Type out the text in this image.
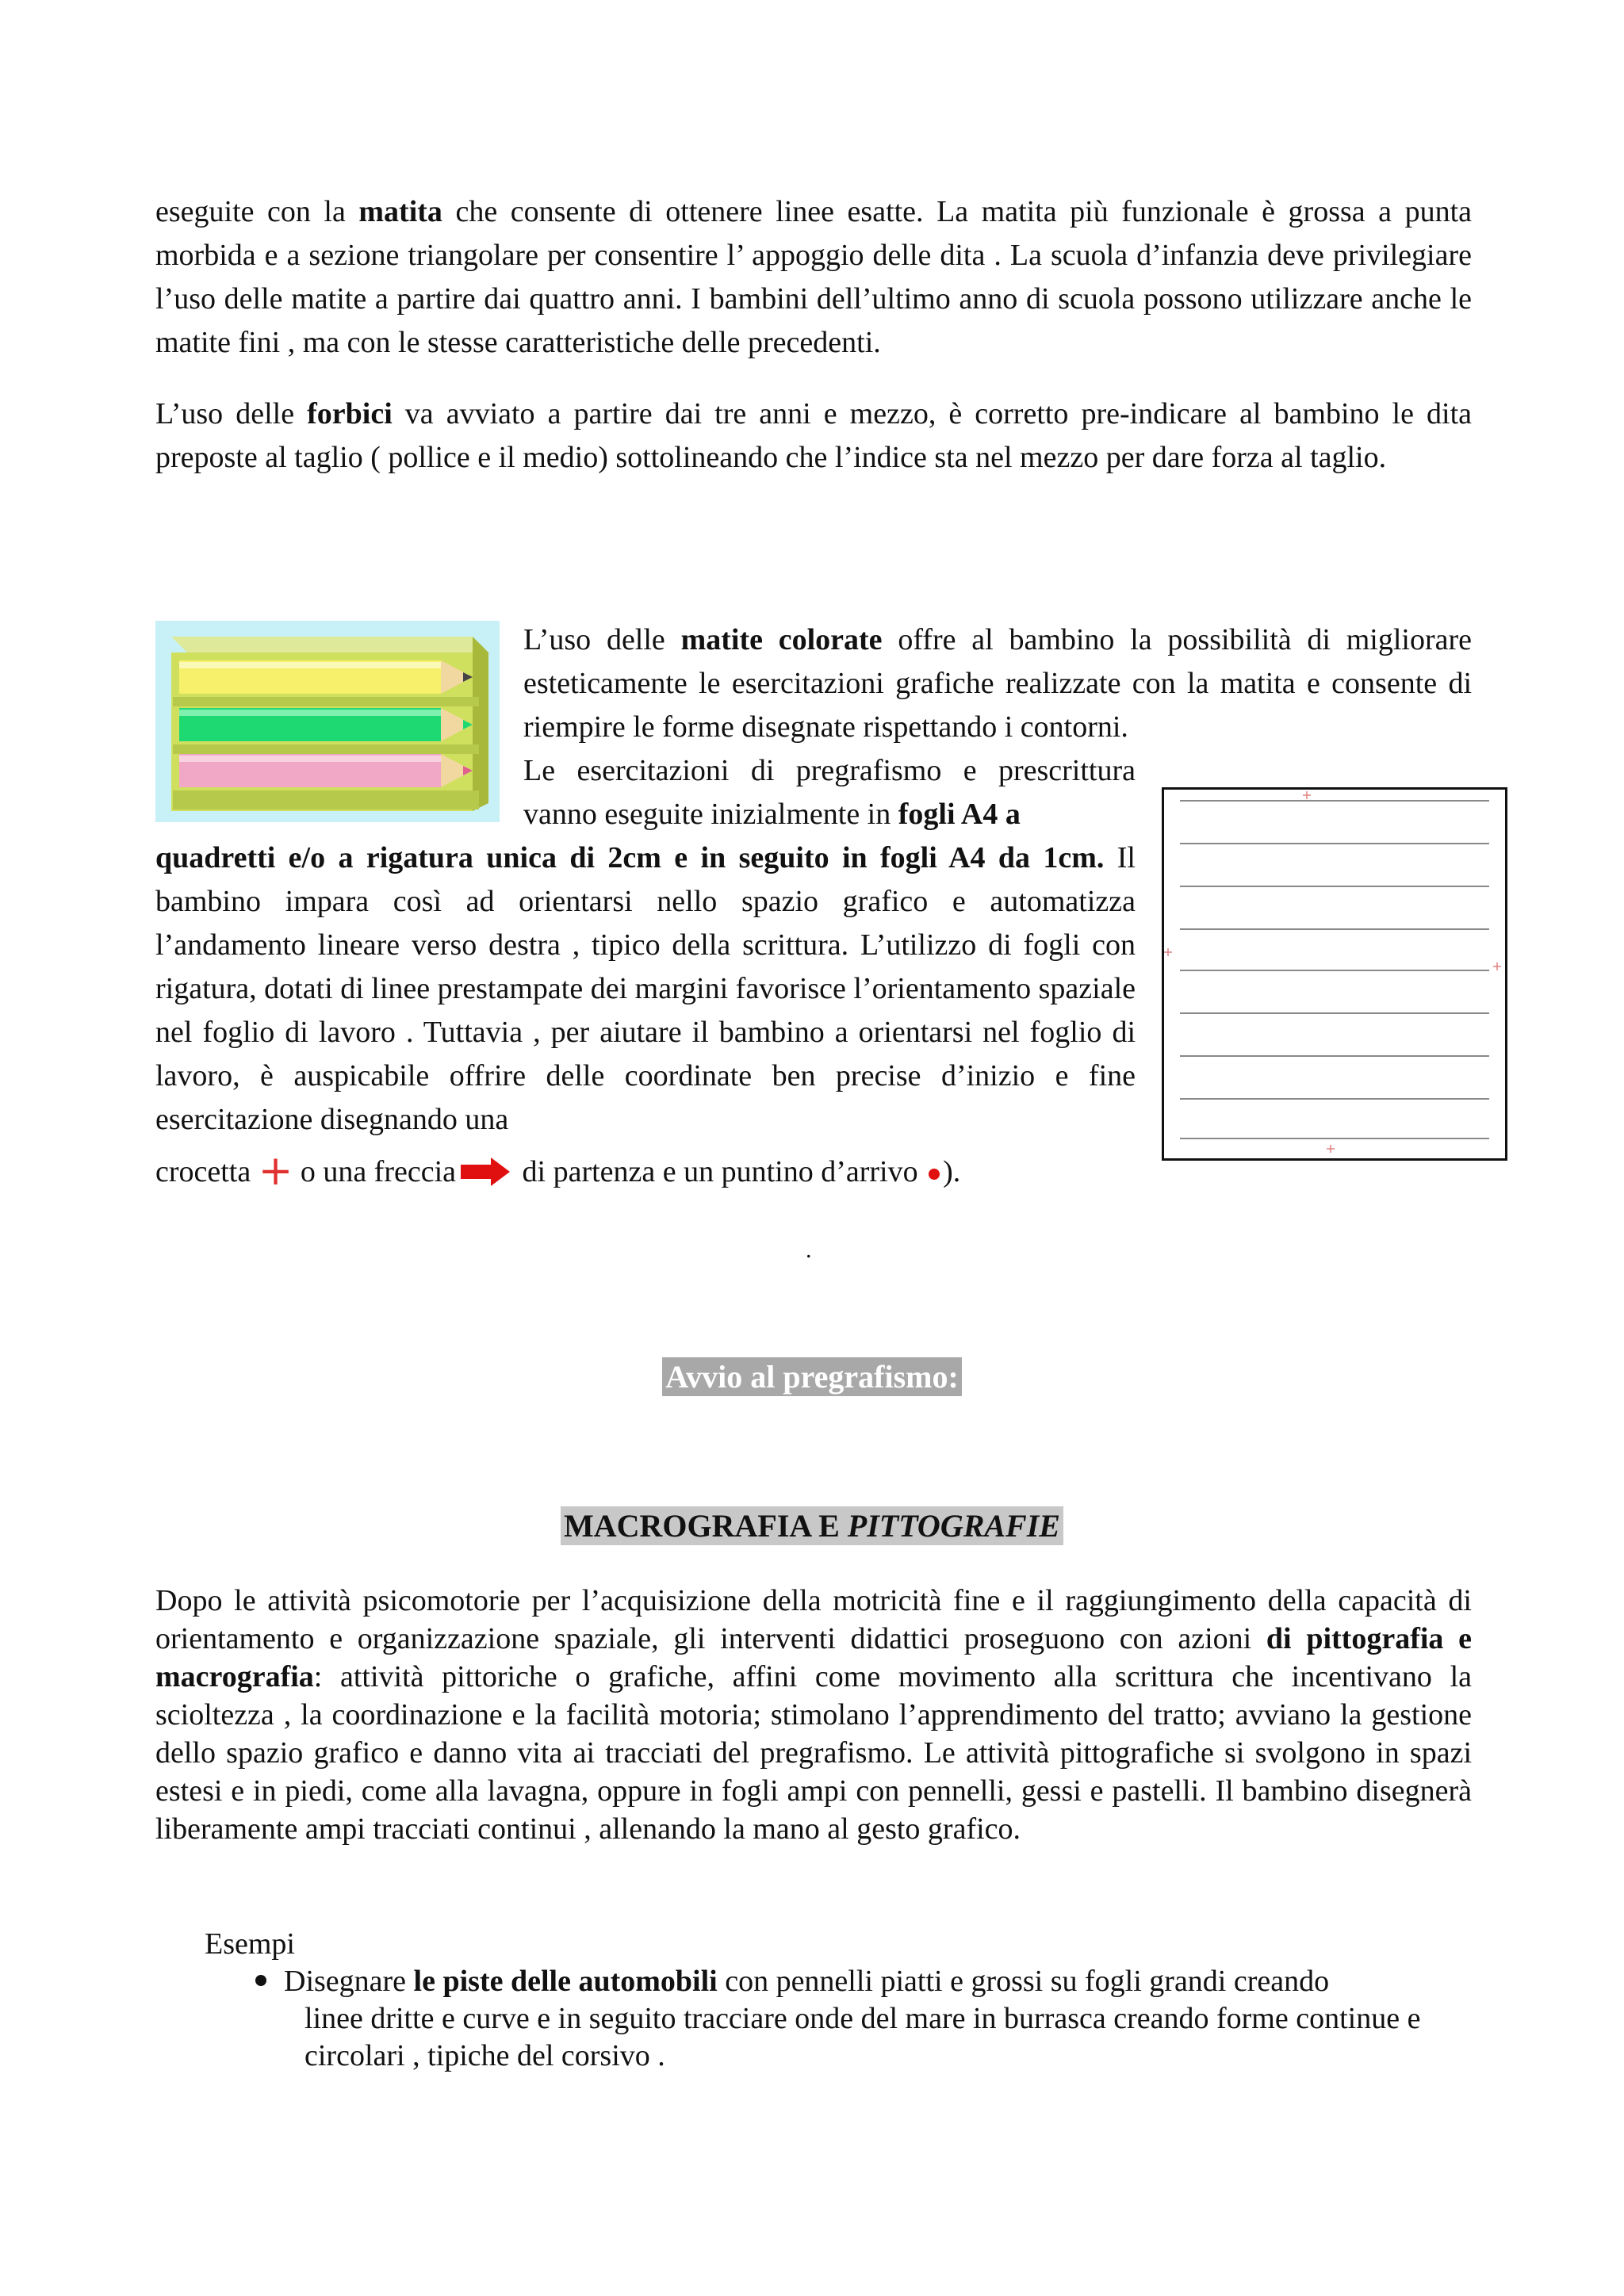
eseguite con la matita che consente di ottenere linee esatte. La matita più funzionale è grossa a punta morbida e a sezione triangolare per consentire l’ appoggio delle dita . La scuola d’infanzia deve privilegiare l’uso delle matite a partire dai quattro anni. I bambini dell’ultimo anno di scuola possono utilizzare anche le matite fini , ma con le stesse caratteristiche delle precedenti.

L’uso delle forbici va avviato a partire dai tre anni e mezzo, è corretto pre-indicare al bambino le dita preposte al taglio ( pollice e il medio) sottolineando che l’indice sta nel mezzo per dare forza al taglio.

L’uso delle matite colorate offre al bambino la possibilità di migliorare esteticamente le esercitazioni grafiche realizzate con la matita e consente di riempire le forme disegnate rispettando i contorni.

Le esercitazioni di pregrafismo e prescrittura vanno eseguite inizialmente in fogli A4 a

quadretti e/o a rigatura unica di 2cm e in seguito in fogli A4 da 1cm. Il bambino impara così ad orientarsi nello spazio grafico e automatizza l’andamento lineare verso destra , tipico della scrittura. L’utilizzo di fogli con rigatura, dotati di linee prestampate dei margini favorisce l’orientamento spaziale nel foglio di lavoro . Tuttavia , per aiutare il bambino a orientarsi nel foglio di lavoro, è auspicabile offrire delle coordinate ben precise d’inizio e fine esercitazione disegnando una

crocetta + o una freccia di partenza e un puntino d’arrivo ).

.
Avvio al pregrafismo:
MACROGRAFIA E PITTOGRAFIE

Dopo le attività psicomotorie per l’acquisizione della motricità fine e il raggiungimento della capacità di orientamento e organizzazione spaziale, gli interventi didattici proseguono con azioni di pittografia e macrografia: attività pittoriche o grafiche, affini come movimento alla scrittura che incentivano la scioltezza , la coordinazione e la facilità motoria; stimolano l’apprendimento del tratto; avviano la gestione dello spazio grafico e danno vita ai tracciati del pregrafismo. Le attività pittografiche si svolgono in spazi estesi e in piedi, come alla lavagna, oppure in fogli ampi con pennelli, gessi e pastelli. Il bambino disegnerà liberamente ampi tracciati continui , allenando la mano al gesto grafico.

Esempi

Disegnare le piste delle automobili con pennelli piatti e grossi su fogli grandi creando
linee dritte e curve e in seguito tracciare onde del mare in burrasca creando forme continue e circolari , tipiche del corsivo .
